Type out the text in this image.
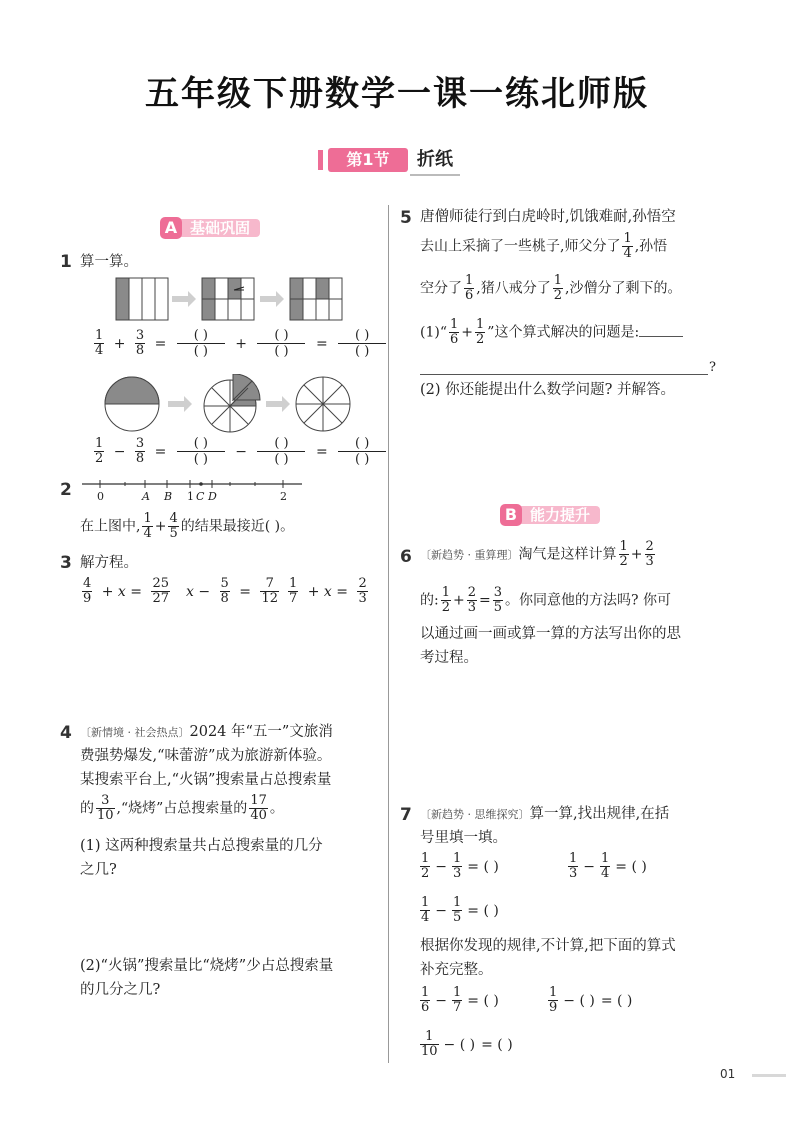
五年级下册数学一课一练北师版
第1节	折纸
基础巩固
A
1 算一算。
$\frac{1}{4} + \frac{3}{8}$ =	( )
( )	+	( )
( )	=	( )
( )
$\frac{1}{2} - \frac{3}{8}$ =	( )
( )	−	( )
( )	=	( )
( )
2 0	A B 1 C D	2
在上图中, $\frac{1}{4} + \frac{4}{5}$ 的结果最接近( )。
3 解方程。
$\frac{4}{9} + x = \frac{25}{27}$ $x - \frac{5}{8} = \frac{7}{12} \frac{1}{7} + x = \frac{2}{3}$
4 〔新情境 · 社会热点〕2024 年“五一”文旅消
费强势爆发,“味蕾游”成为旅游新体验。
某搜索平台上,“火锅”搜索量占总搜索量
的 $\frac{3}{10}$ ,“烧烤”占总搜索量的 $\frac{17}{40}$ 。
(1) 这两种搜索量共占总搜索量的几分
之几?
(2)“火锅”搜索量比“烧烤”少占总搜索量
的几分之几?
5 唐僧师徒行到白虎岭时,饥饿难耐,孙悟空
去山上采摘了一些桃子,师父分了 $\frac{1}{4}$ ,孙悟
空分了 $\frac{1}{6}$ ,猪八戒分了 $\frac{1}{2}$ ,沙僧分了剩下的。
(1)“ $\frac{1}{6} + \frac{1}{2}$ ”这个算式解决的问题是:
?
(2) 你还能提出什么数学问题? 并解答。
能力提升
B
6 〔新趋势 · 重算理〕淘气是这样计算 $\frac{1}{2} + \frac{2}{3}$
的: $\frac{1}{2} + \frac{2}{3} = \frac{3}{5}$ 。你同意他的方法吗? 你可
以通过画一画或算一算的方法写出你的思
考过程。
7 〔新趋势 · 思维探究〕算一算,找出规律,在括
号里填一填。
$\frac{1}{2} - \frac{1}{3}$ = ( )	$\frac{1}{3} - \frac{1}{4}$ = ( )
$\frac{1}{4} - \frac{1}{5}$ = ( )
根据你发现的规律,不计算,把下面的算式
补充完整。
$\frac{1}{6} - \frac{1}{7}$ = ( )	$\frac{1}{9}$ − ( ) = ( )
$\frac{1}{10}$ − ( ) = ( )
01
